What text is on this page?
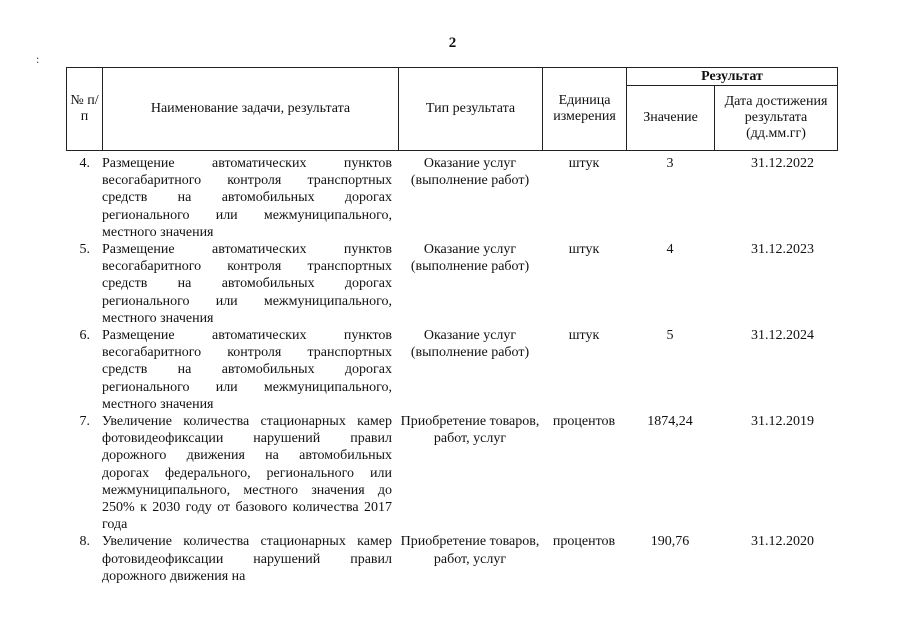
2
:
№ п/п	Наименование задачи, результата	Тип результата	Единица измерения	Результат	
				Значение	Дата достижения результата (дд.мм.гг)
4.	Размещение автоматических пунктов весогабаритного контроля транспортных средств на автомобильных дорогах регионального или межмуниципального, местного значения	Оказание услуг (выполнение работ)	штук	3	31.12.2022
5.	Размещение автоматических пунктов весогабаритного контроля транспортных средств на автомобильных дорогах регионального или межмуниципального, местного значения	Оказание услуг (выполнение работ)	штук	4	31.12.2023
6.	Размещение автоматических пунктов весогабаритного контроля транспортных средств на автомобильных дорогах регионального или межмуниципального, местного значения	Оказание услуг (выполнение работ)	штук	5	31.12.2024
7.	Увеличение количества стационарных камер фотовидеофиксации нарушений правил дорожного движения на автомобильных дорогах федерального, регионального или межмуниципального, местного значения до 250% к 2030 году от базового количества 2017 года	Приобретение товаров, работ, услуг	процентов	1874,24	31.12.2019
8.	Увеличение количества стационарных камер фотовидеофиксации нарушений правил дорожного движения на	Приобретение товаров, работ, услуг	процентов	190,76	31.12.2020
